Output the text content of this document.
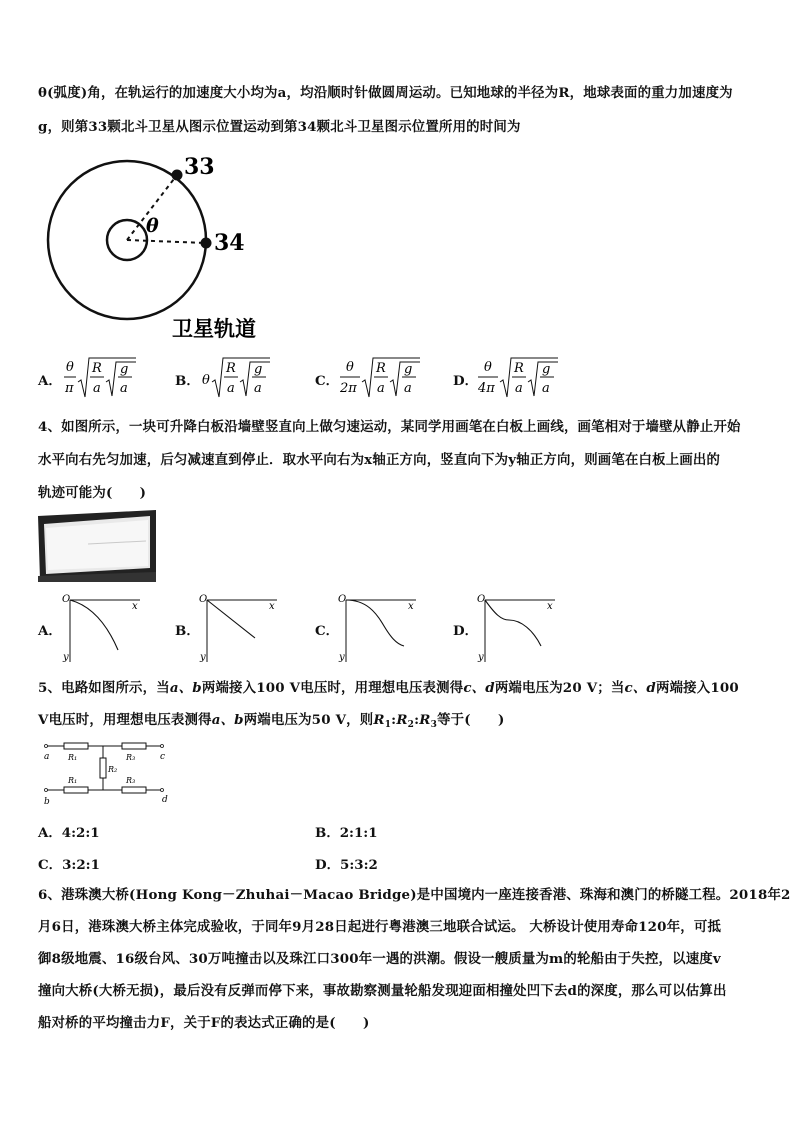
θ(弧度)角，在轨运行的加速度大小均为a，均沿顺时针做圆周运动。已知地球的半径为R，地球表面的重力加速度为
g，则第33颗北斗卫星从图示位置运动到第34颗北斗卫星图示位置所用的时间为
33
34
θ
卫星轨道
A．
θ
π
R
a
g
a	B． θ
R
a
g
a	C．
θ
2π
R
a
g
a	D．
θ
4π
R
a
g
a
4、如图所示，一块可升降白板沿墙壁竖直向上做匀速运动，某同学用画笔在白板上画线，画笔相对于墙壁从静止开始
水平向右先匀加速，后匀减速直到停止．取水平向右为x轴正方向，竖直向下为y轴正方向，则画笔在白板上画出的
轨迹可能为(　　)
A．
O
x
y
B．
O
x
y
C．
O
x
y
D．
O
x
y
5、电路如图所示，当a、b两端接入100 V电压时，用理想电压表测得c、d两端电压为20 V；当c、d两端接入100
V电压时，用理想电压表测得a、b两端电压为50 V，则$R_1:R_2:R_3$等于(　　)
a	c
b	d
R₁	R₃
R₁	R₃
R₂
A．4:2:1	B．2:1:1
C．3:2:1	D．5:3:2
6、港珠澳大桥(Hong Kong－Zhuhai－Macao Bridge)是中国境内一座连接香港、珠海和澳门的桥隧工程。2018年2
月6日，港珠澳大桥主体完成验收，于同年9月28日起进行粤港澳三地联合试运。 大桥设计使用寿命120年，可抵
御8级地震、16级台风、30万吨撞击以及珠江口300年一遇的洪潮。假设一艘质量为m的轮船由于失控，以速度v
撞向大桥(大桥无损)，最后没有反弹而停下来，事故勘察测量轮船发现迎面相撞处凹下去d的深度，那么可以估算出
船对桥的平均撞击力F，关于F的表达式正确的是(　　)
